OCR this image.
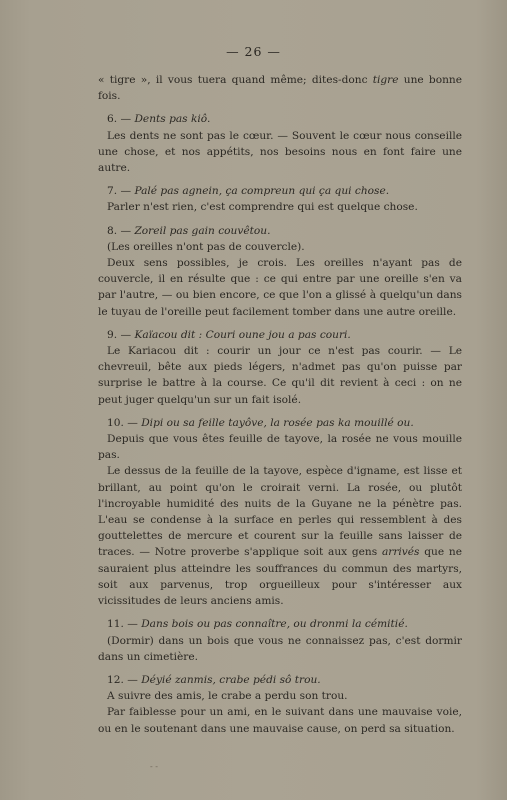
— 26 —

« tigre », il vous tuera quand même; dites-donc tigre une bonne fois.

6. — Dents pas kiô.

Les dents ne sont pas le cœur. — Souvent le cœur nous conseille une chose, et nos appétits, nos besoins nous en font faire une autre.

7. — Palé pas agnein, ça compreun qui ça qui chose.

Parler n'est rien, c'est comprendre qui est quelque chose.

8. — Zoreil pas gain couvêtou.

(Les oreilles n'ont pas de couvercle).

Deux sens possibles, je crois. Les oreilles n'ayant pas de couvercle, il en résulte que : ce qui entre par une oreille s'en va par l'autre, — ou bien encore, ce que l'on a glissé à quelqu'un dans le tuyau de l'oreille peut facilement tomber dans une autre oreille.

9. — Kaïacou dit : Couri oune jou a pas couri.

Le Kariacou dit : courir un jour ce n'est pas courir. — Le chevreuil, bête aux pieds légers, n'admet pas qu'on puisse par surprise le battre à la course. Ce qu'il dit revient à ceci : on ne peut juger quelqu'un sur un fait isolé.

10. — Dipi ou sa feille tayôve, la rosée pas ka mouillé ou.

Depuis que vous êtes feuille de tayove, la rosée ne vous mouille pas.

Le dessus de la feuille de la tayove, espèce d'igname, est lisse et brillant, au point qu'on le croirait verni. La rosée, ou plutôt l'incroyable humidité des nuits de la Guyane ne la pénètre pas. L'eau se condense à la surface en perles qui ressemblent à des gouttelettes de mercure et courent sur la feuille sans laisser de traces. — Notre proverbe s'applique soit aux gens arrivés que ne sauraient plus atteindre les souffrances du commun des martyrs, soit aux parvenus, trop orgueilleux pour s'intéresser aux vicissitudes de leurs anciens amis.

11. — Dans bois ou pas connaître, ou dronmi la cémitié.

(Dormir) dans un bois que vous ne connaissez pas, c'est dormir dans un cimetière.

12. — Déyié zanmis, crabe pédi sô trou.

A suivre des amis, le crabe a perdu son trou.

Par faiblesse pour un ami, en le suivant dans une mauvaise voie, ou en le soutenant dans une mauvaise cause, on perd sa situation.

- -
